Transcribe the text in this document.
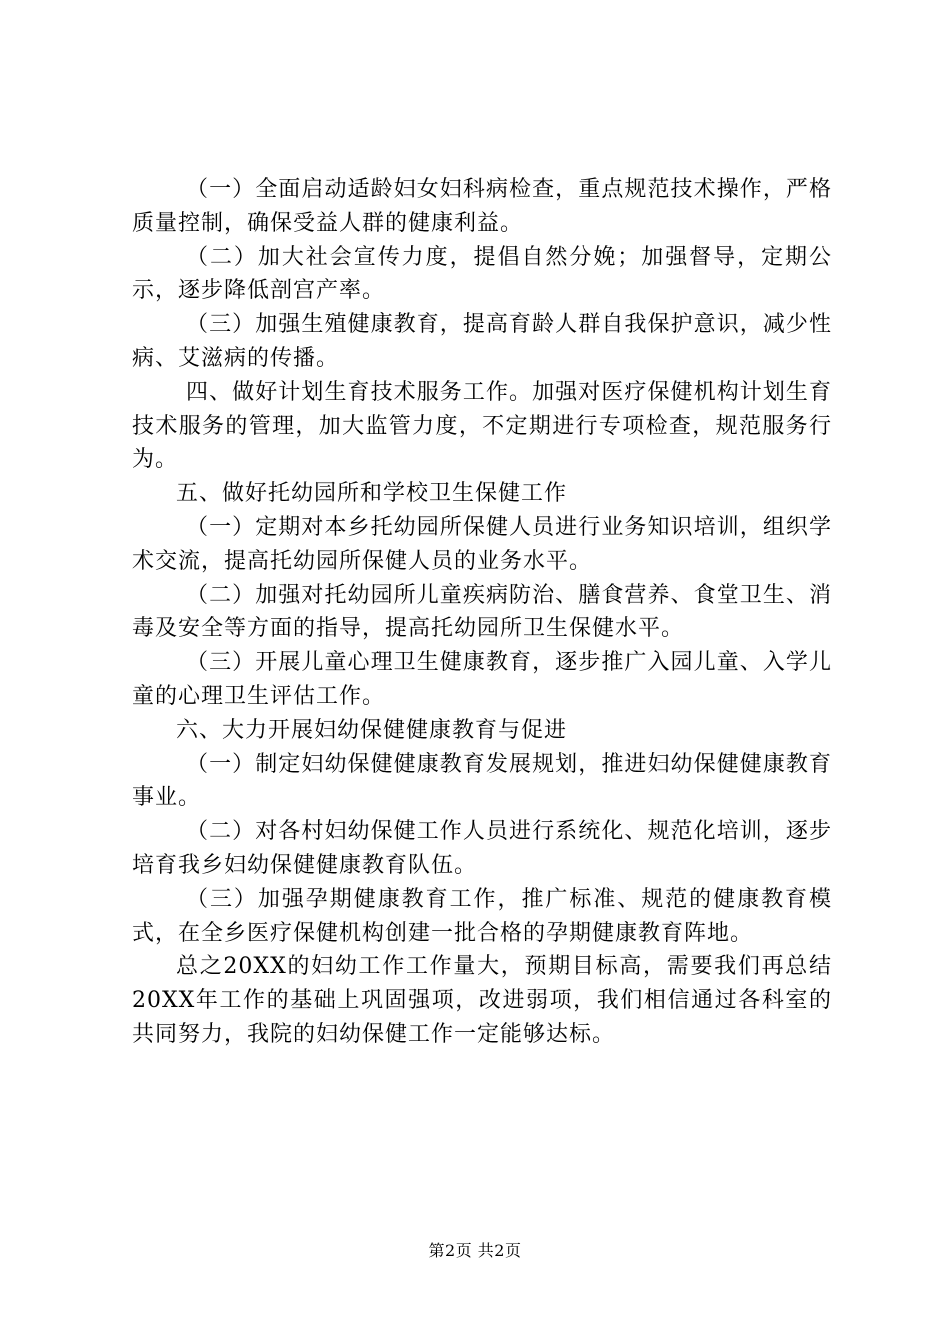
（一）全面启动适龄妇女妇科病检查，重点规范技术操作，严格质量控制，确保受益人群的健康利益。

（二）加大社会宣传力度，提倡自然分娩；加强督导，定期公示，逐步降低剖宫产率。

（三）加强生殖健康教育，提高育龄人群自我保护意识，减少性病、艾滋病的传播。

四、做好计划生育技术服务工作。加强对医疗保健机构计划生育技术服务的管理，加大监管力度，不定期进行专项检查，规范服务行为。

五、做好托幼园所和学校卫生保健工作

（一）定期对本乡托幼园所保健人员进行业务知识培训，组织学术交流，提高托幼园所保健人员的业务水平。

（二）加强对托幼园所儿童疾病防治、膳食营养、食堂卫生、消毒及安全等方面的指导，提高托幼园所卫生保健水平。

（三）开展儿童心理卫生健康教育，逐步推广入园儿童、入学儿童的心理卫生评估工作。

六、大力开展妇幼保健健康教育与促进

（一）制定妇幼保健健康教育发展规划，推进妇幼保健健康教育事业。

（二）对各村妇幼保健工作人员进行系统化、规范化培训，逐步培育我乡妇幼保健健康教育队伍。

（三）加强孕期健康教育工作，推广标准、规范的健康教育模式，在全乡医疗保健机构创建一批合格的孕期健康教育阵地。

总之20XX的妇幼工作工作量大，预期目标高，需要我们再总结20XX年工作的基础上巩固强项，改进弱项，我们相信通过各科室的共同努力，我院的妇幼保健工作一定能够达标。

第2页 共2页
